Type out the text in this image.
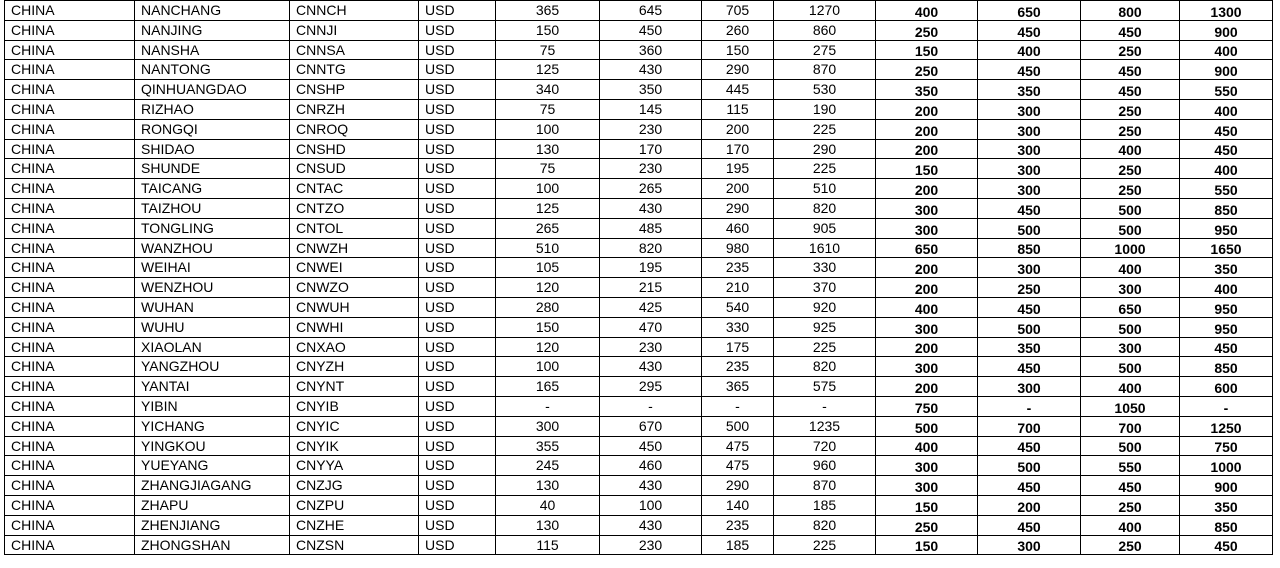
CHINA	NANCHANG	CNNCH	USD	365	645	705	1270	400	650	800	1300
CHINA	NANJING	CNNJI	USD	150	450	260	860	250	450	450	900
CHINA	NANSHA	CNNSA	USD	75	360	150	275	150	400	250	400
CHINA	NANTONG	CNNTG	USD	125	430	290	870	250	450	450	900
CHINA	QINHUANGDAO	CNSHP	USD	340	350	445	530	350	350	450	550
CHINA	RIZHAO	CNRZH	USD	75	145	115	190	200	300	250	400
CHINA	RONGQI	CNROQ	USD	100	230	200	225	200	300	250	450
CHINA	SHIDAO	CNSHD	USD	130	170	170	290	200	300	400	450
CHINA	SHUNDE	CNSUD	USD	75	230	195	225	150	300	250	400
CHINA	TAICANG	CNTAC	USD	100	265	200	510	200	300	250	550
CHINA	TAIZHOU	CNTZO	USD	125	430	290	820	300	450	500	850
CHINA	TONGLING	CNTOL	USD	265	485	460	905	300	500	500	950
CHINA	WANZHOU	CNWZH	USD	510	820	980	1610	650	850	1000	1650
CHINA	WEIHAI	CNWEI	USD	105	195	235	330	200	300	400	350
CHINA	WENZHOU	CNWZO	USD	120	215	210	370	200	250	300	400
CHINA	WUHAN	CNWUH	USD	280	425	540	920	400	450	650	950
CHINA	WUHU	CNWHI	USD	150	470	330	925	300	500	500	950
CHINA	XIAOLAN	CNXAO	USD	120	230	175	225	200	350	300	450
CHINA	YANGZHOU	CNYZH	USD	100	430	235	820	300	450	500	850
CHINA	YANTAI	CNYNT	USD	165	295	365	575	200	300	400	600
CHINA	YIBIN	CNYIB	USD	-	-	-	-	750	-	1050	-
CHINA	YICHANG	CNYIC	USD	300	670	500	1235	500	700	700	1250
CHINA	YINGKOU	CNYIK	USD	355	450	475	720	400	450	500	750
CHINA	YUEYANG	CNYYA	USD	245	460	475	960	300	500	550	1000
CHINA	ZHANGJIAGANG	CNZJG	USD	130	430	290	870	300	450	450	900
CHINA	ZHAPU	CNZPU	USD	40	100	140	185	150	200	250	350
CHINA	ZHENJIANG	CNZHE	USD	130	430	235	820	250	450	400	850
CHINA	ZHONGSHAN	CNZSN	USD	115	230	185	225	150	300	250	450
